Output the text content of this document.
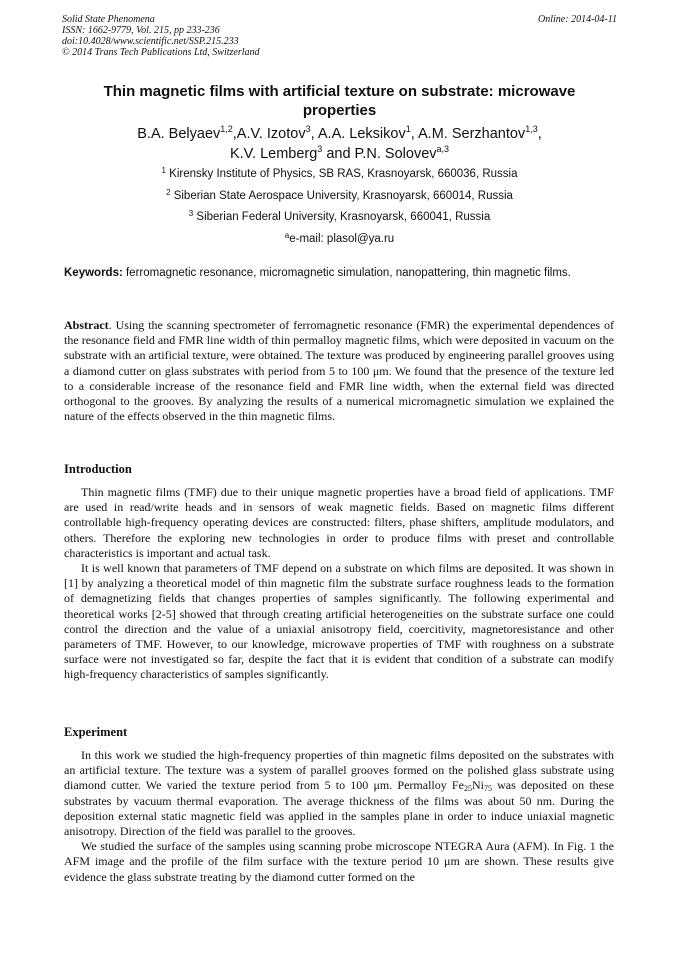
Solid State Phenomena
ISSN: 1662-9779, Vol. 215, pp 233-236
doi:10.4028/www.scientific.net/SSP.215.233
© 2014 Trans Tech Publications Ltd, Switzerland
Online: 2014-04-11
Thin magnetic films with artificial texture on substrate: microwave
properties
B.A. Belyaev$^{1,2}$,A.V. Izotov$^3$, A.A. Leksikov$^1$, A.M. Serzhantov$^{1,3}$,
K.V. Lemberg$^3$ and P.N. Solovev$^{a,3}$
$^1$ Kirensky Institute of Physics, SB RAS, Krasnoyarsk, 660036, Russia
$^2$ Siberian State Aerospace University, Krasnoyarsk, 660014, Russia
$^3$ Siberian Federal University, Krasnoyarsk, 660041, Russia
$^a$e-mail: plasol@ya.ru
Keywords: ferromagnetic resonance, micromagnetic simulation, nanopattering, thin magnetic films.

Abstract. Using the scanning spectrometer of ferromagnetic resonance (FMR) the experimental dependences of the resonance field and FMR line width of thin permalloy magnetic films, which were deposited in vacuum on the substrate with an artificial texture, were obtained. The texture was produced by engineering parallel grooves using a diamond cutter on glass substrates with period from 5 to 100 μm. We found that the presence of the texture led to a considerable increase of the resonance field and FMR line width, when the external field was directed orthogonal to the grooves. By analyzing the results of a numerical micromagnetic simulation we explained the nature of the effects observed in the thin magnetic films.

Introduction

Thin magnetic films (TMF) due to their unique magnetic properties have a broad field of applications. TMF are used in read/write heads and in sensors of weak magnetic fields. Based on magnetic films different controllable high-frequency operating devices are constructed: filters, phase shifters, amplitude modulators, and others. Therefore the exploring new technologies in order to produce films with preset and controllable characteristics is important and actual task.

It is well known that parameters of TMF depend on a substrate on which films are deposited. It was shown in [1] by analyzing a theoretical model of thin magnetic film the substrate surface roughness leads to the formation of demagnetizing fields that changes properties of samples significantly. The following experimental and theoretical works [2-5] showed that through creating artificial heterogeneities on the substrate surface one could control the direction and the value of a uniaxial anisotropy field, coercitivity, magnetoresistance and other parameters of TMF. However, to our knowledge, microwave properties of TMF with roughness on a substrate surface were not investigated so far, despite the fact that it is evident that condition of a substrate can modify high-frequency characteristics of samples significantly.

Experiment

In this work we studied the high-frequency properties of thin magnetic films deposited on the substrates with an artificial texture. The texture was a system of parallel grooves formed on the polished glass substrate using diamond cutter. We varied the texture period from 5 to 100 μm. Permalloy $Fe_{25}Ni_{75}$ was deposited on these substrates by vacuum thermal evaporation. The average thickness of the films was about 50 nm. During the deposition external static magnetic field was applied in the samples plane in order to induce uniaxial magnetic anisotropy. Direction of the field was parallel to the grooves.

We studied the surface of the samples using scanning probe microscope NTEGRA Aura (AFM). In Fig. 1 the AFM image and the profile of the film surface with the texture period 10 μm are shown. These results give evidence the glass substrate treating by the diamond cutter formed on the
